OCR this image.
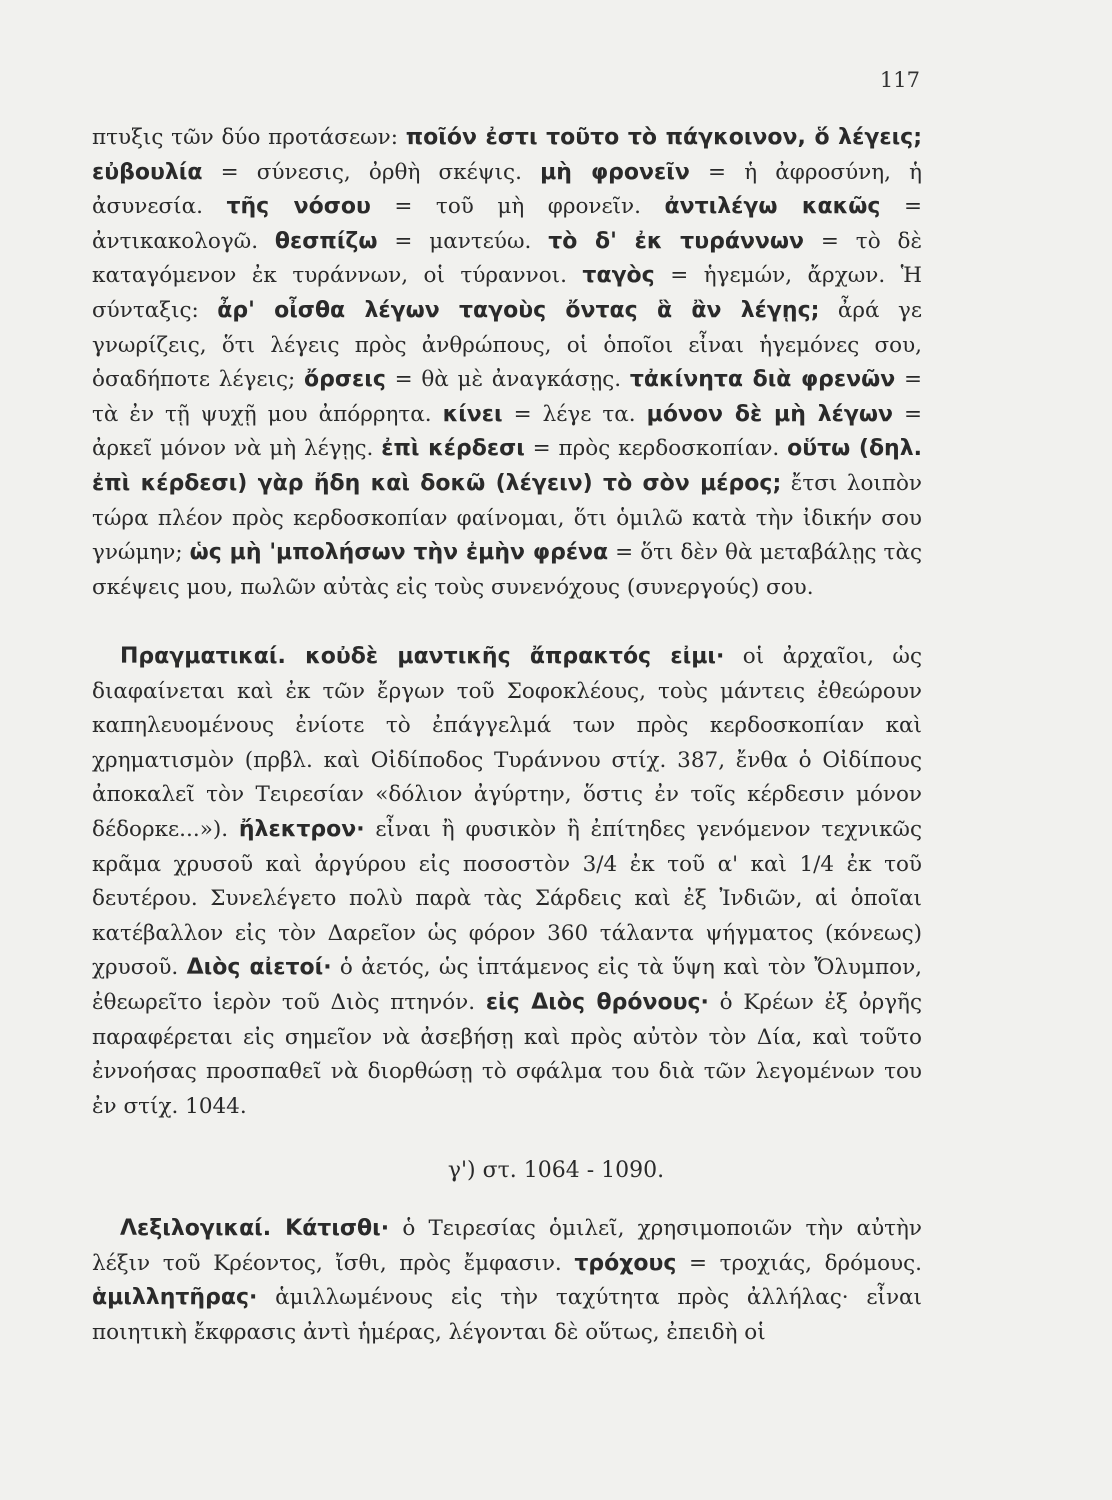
117

πτυξις τῶν δύο προτάσεων: ποῖόν ἐστι τοῦτο τὸ πάγκοινον, ὅ λέγεις; εὐβουλία = σύνεσις, ὀρθὴ σκέψις. μὴ φρονεῖν = ἡ ἀφροσύνη, ἡ ἀσυνεσία. τῆς νόσου = τοῦ μὴ φρονεῖν. ἀντιλέγω κακῶς = ἀντικακολογῶ. θεσπίζω = μαντεύω. τὸ δ' ἐκ τυράννων = τὸ δὲ καταγόμενον ἐκ τυράννων, οἱ τύραννοι. ταγὸς = ἡγεμών, ἄρχων. Ἡ σύνταξις: ἆρ' οἶσθα λέγων ταγοὺς ὄντας ἃ ἂν λέγῃς; ἆρά γε γνωρίζεις, ὅτι λέγεις πρὸς ἀνθρώπους, οἱ ὁποῖοι εἶναι ἡγεμόνες σου, ὁσαδήποτε λέγεις; ὄρσεις = θὰ μὲ ἀναγκάσῃς. τἀκίνητα διὰ φρενῶν = τὰ ἐν τῇ ψυχῇ μου ἀπόρρητα. κίνει = λέγε τα. μόνον δὲ μὴ λέγων = ἀρκεῖ μόνον νὰ μὴ λέγῃς. ἐπὶ κέρδεσι = πρὸς κερδοσκοπίαν. οὕτω (δηλ. ἐπὶ κέρδεσι) γὰρ ἤδη καὶ δοκῶ (λέγειν) τὸ σὸν μέρος; ἔτσι λοιπὸν τώρα πλέον πρὸς κερδοσκοπίαν φαίνομαι, ὅτι ὁμιλῶ κατὰ τὴν ἰδικήν σου γνώμην; ὡς μὴ 'μπολήσων τὴν ἐμὴν φρένα = ὅτι δὲν θὰ μεταβάλῃς τὰς σκέψεις μου, πωλῶν αὐτὰς εἰς τοὺς συνενόχους (συνεργούς) σου.

Πραγματικαί. κοὐδὲ μαντικῆς ἄπρακτός εἰμι· οἱ ἀρχαῖοι, ὡς διαφαίνεται καὶ ἐκ τῶν ἔργων τοῦ Σοφοκλέους, τοὺς μάντεις ἐθεώρουν καπηλευομένους ἐνίοτε τὸ ἐπάγγελμά των πρὸς κερδοσκοπίαν καὶ χρηματισμὸν (πρβλ. καὶ Οἰδίποδος Τυράννου στίχ. 387, ἔνθα ὁ Οἰδίπους ἀποκαλεῖ τὸν Τειρεσίαν «δόλιον ἀγύρτην, ὅστις ἐν τοῖς κέρδεσιν μόνον δέδορκε...»). ἤλεκτρον· εἶναι ἢ φυσικὸν ἢ ἐπίτηδες γενόμενον τεχνικῶς κρᾶμα χρυσοῦ καὶ ἀργύρου εἰς ποσοστὸν 3/4 ἐκ τοῦ α' καὶ 1/4 ἐκ τοῦ δευτέρου. Συνελέγετο πολὺ παρὰ τὰς Σάρδεις καὶ ἐξ Ἰνδιῶν, αἱ ὁποῖαι κατέβαλλον εἰς τὸν Δαρεῖον ὡς φόρον 360 τάλαντα ψήγματος (κόνεως) χρυσοῦ. Διὸς αἰετοί· ὁ ἀετός, ὡς ἱπτάμενος εἰς τὰ ὕψη καὶ τὸν Ὄλυμπον, ἐθεωρεῖτο ἱερὸν τοῦ Διὸς πτηνόν. εἰς Διὸς θρόνους· ὁ Κρέων ἐξ ὀργῆς παραφέρεται εἰς σημεῖον νὰ ἀσεβήσῃ καὶ πρὸς αὐτὸν τὸν Δία, καὶ τοῦτο ἐννοήσας προσπαθεῖ νὰ διορθώσῃ τὸ σφάλμα του διὰ τῶν λεγομένων του ἐν στίχ. 1044.

γ') στ. 1064 - 1090.

Λεξιλογικαί. Κάτισθι· ὁ Τειρεσίας ὁμιλεῖ, χρησιμοποιῶν τὴν αὐτὴν λέξιν τοῦ Κρέοντος, ἴσθι, πρὸς ἔμφασιν. τρόχους = τροχιάς, δρόμους. ἁμιλλητῆρας· ἁμιλλωμένους εἰς τὴν ταχύτητα πρὸς ἀλλήλας· εἶναι ποιητικὴ ἔκφρασις ἀντὶ ἡμέρας, λέγονται δὲ οὕτως, ἐπειδὴ οἱ
